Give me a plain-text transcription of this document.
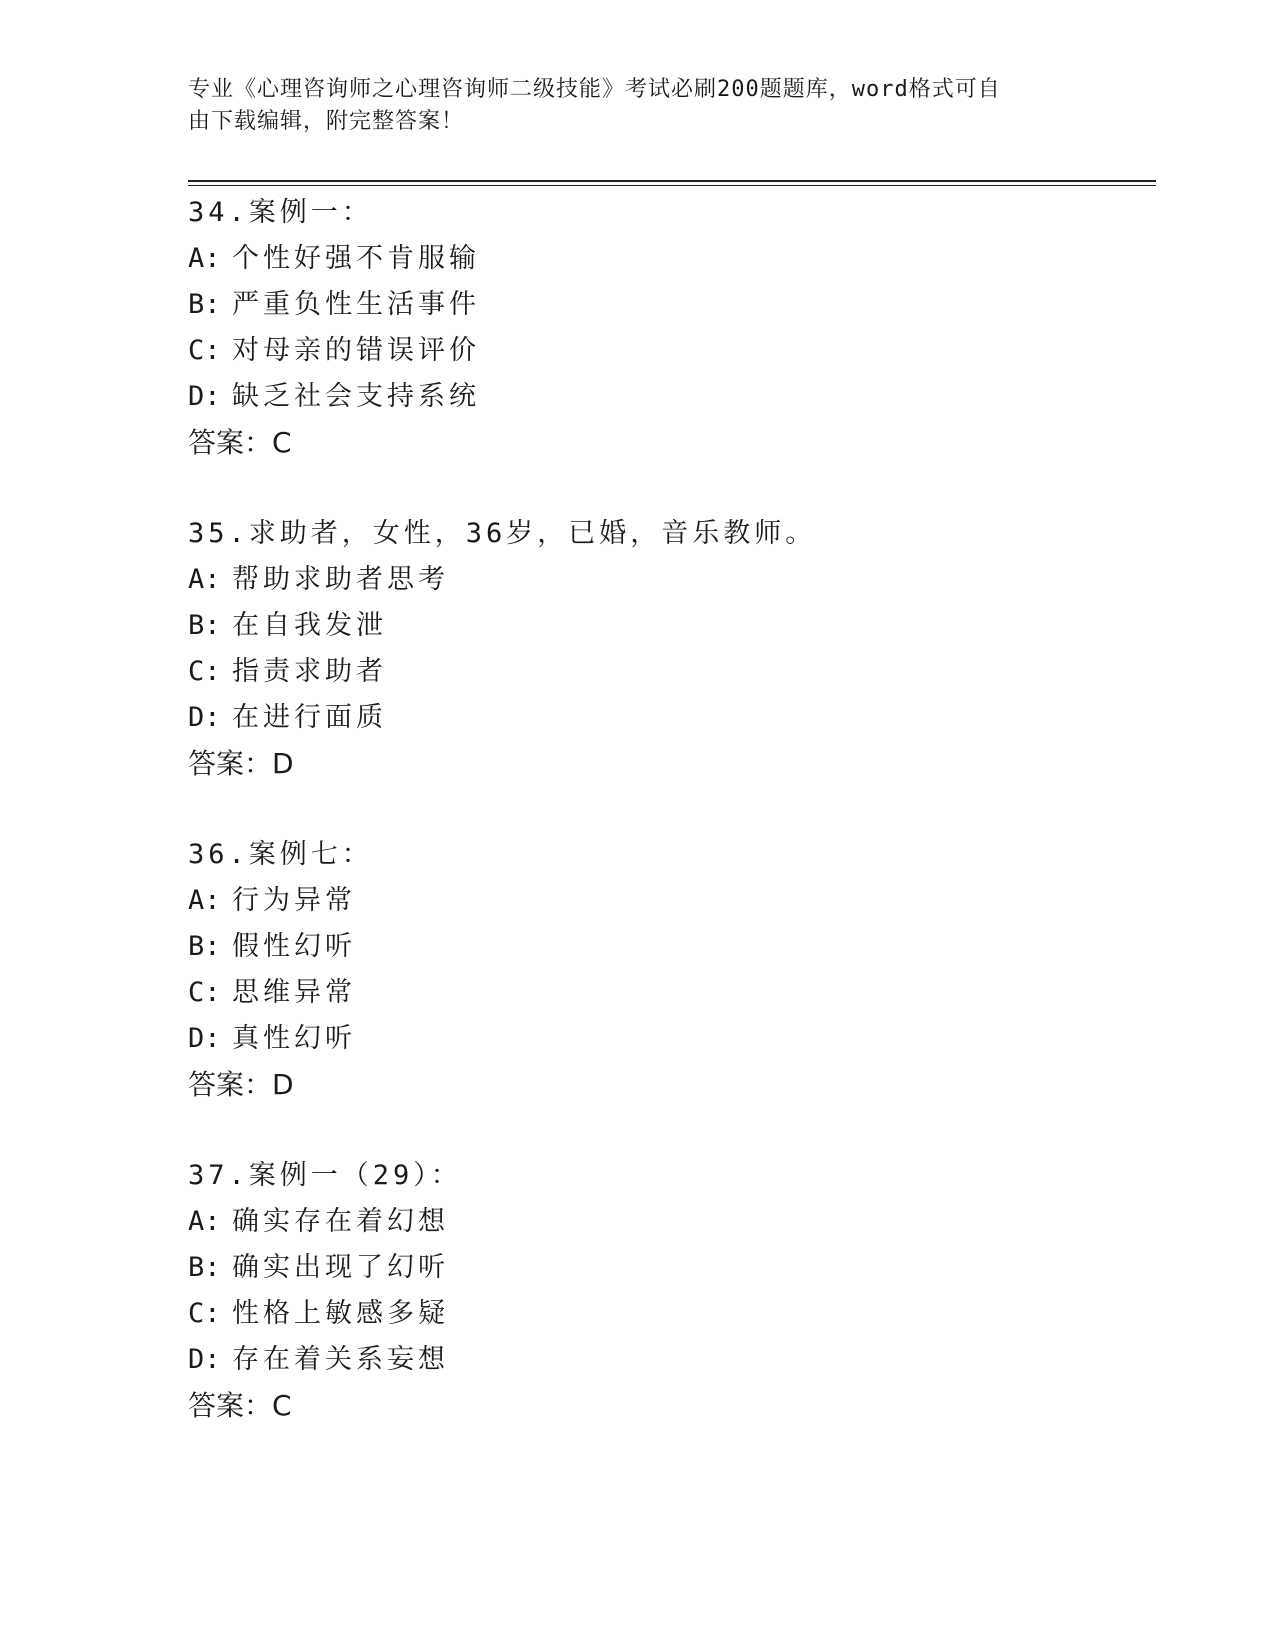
专业《心理咨询师之心理咨询师二级技能》考试必刷200题题库，word格式可自
由下载编辑，附完整答案！
34.案例一：
A: 个性好强不肯服输
B: 严重负性生活事件
C: 对母亲的错误评价
D: 缺乏社会支持系统
答案：C
35.求助者，女性，36岁，已婚，音乐教师。
A: 帮助求助者思考
B: 在自我发泄
C: 指责求助者
D: 在进行面质
答案：D
36.案例七：
A: 行为异常
B: 假性幻听
C: 思维异常
D: 真性幻听
答案：D
37.案例一（29）：
A: 确实存在着幻想
B: 确实出现了幻听
C: 性格上敏感多疑
D: 存在着关系妄想
答案：C
